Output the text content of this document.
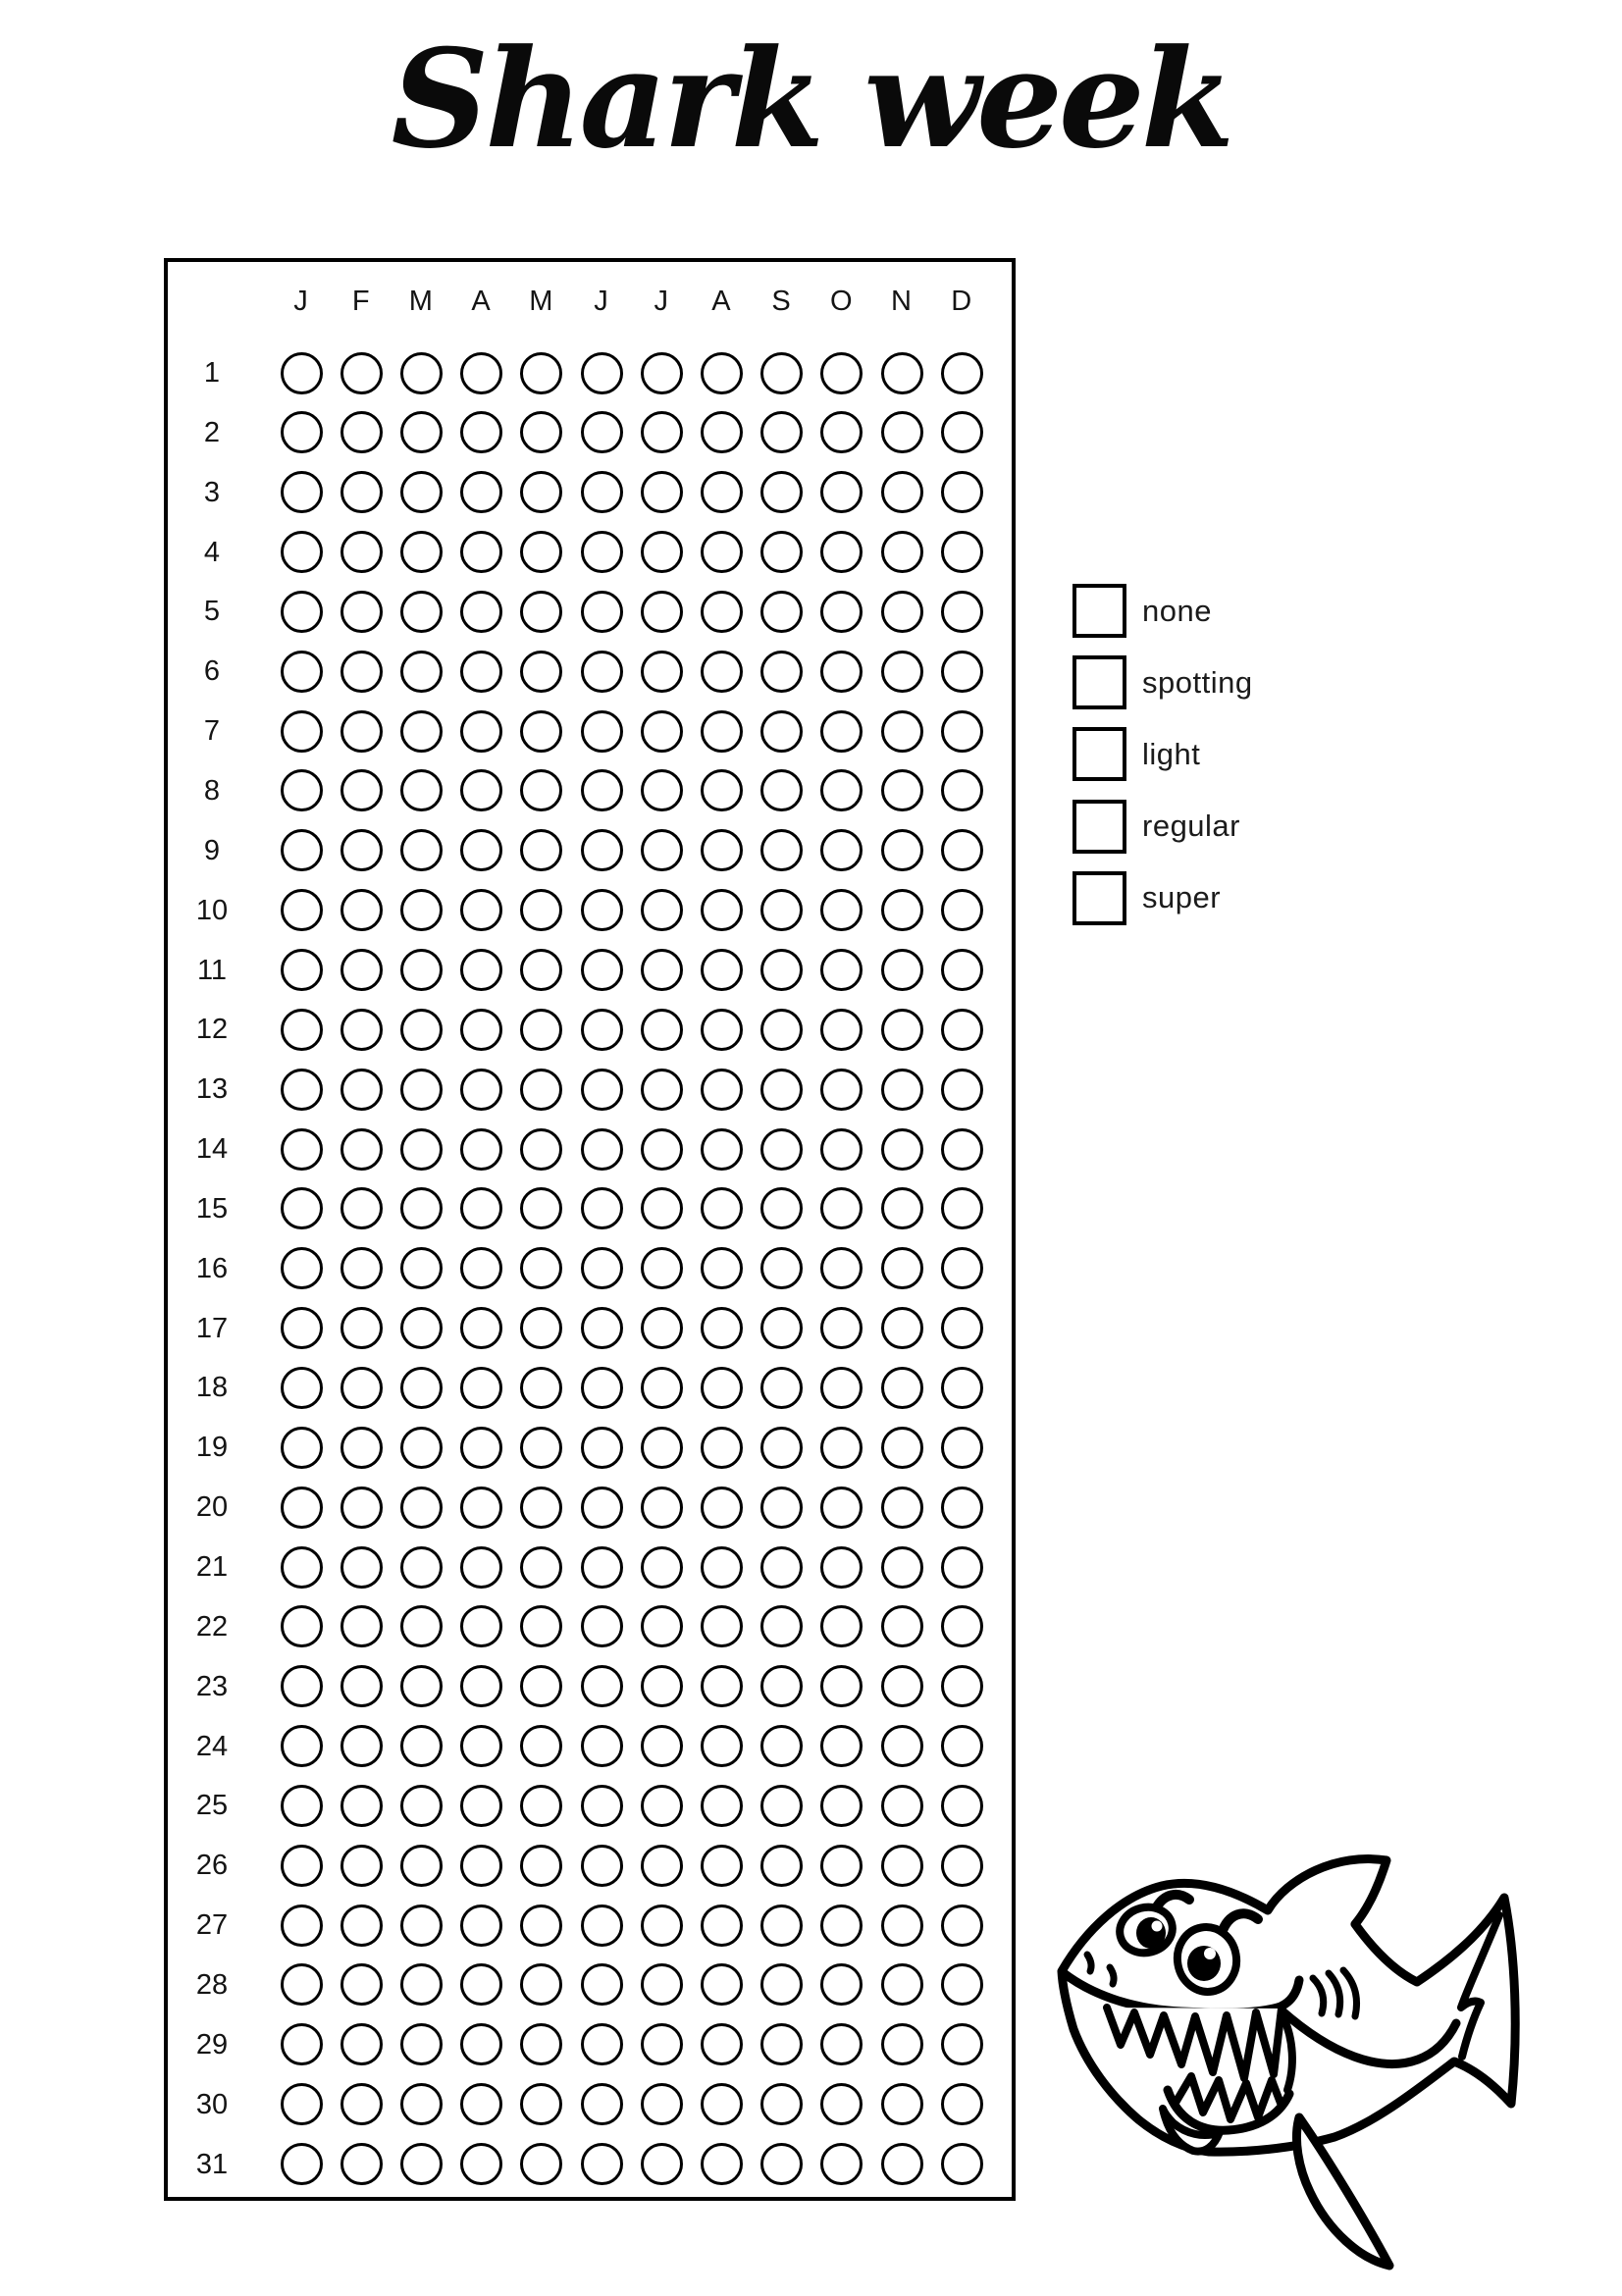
Shark week
J	F	M	A	M	J	J	A	S	O	N	D
1
2
3
4
5
6
7
8
9
10
11
12
13
14
15
16
17
18
19
20
21
22
23
24
25
26
27
28
29
30
31
none
spotting
light
regular
super
